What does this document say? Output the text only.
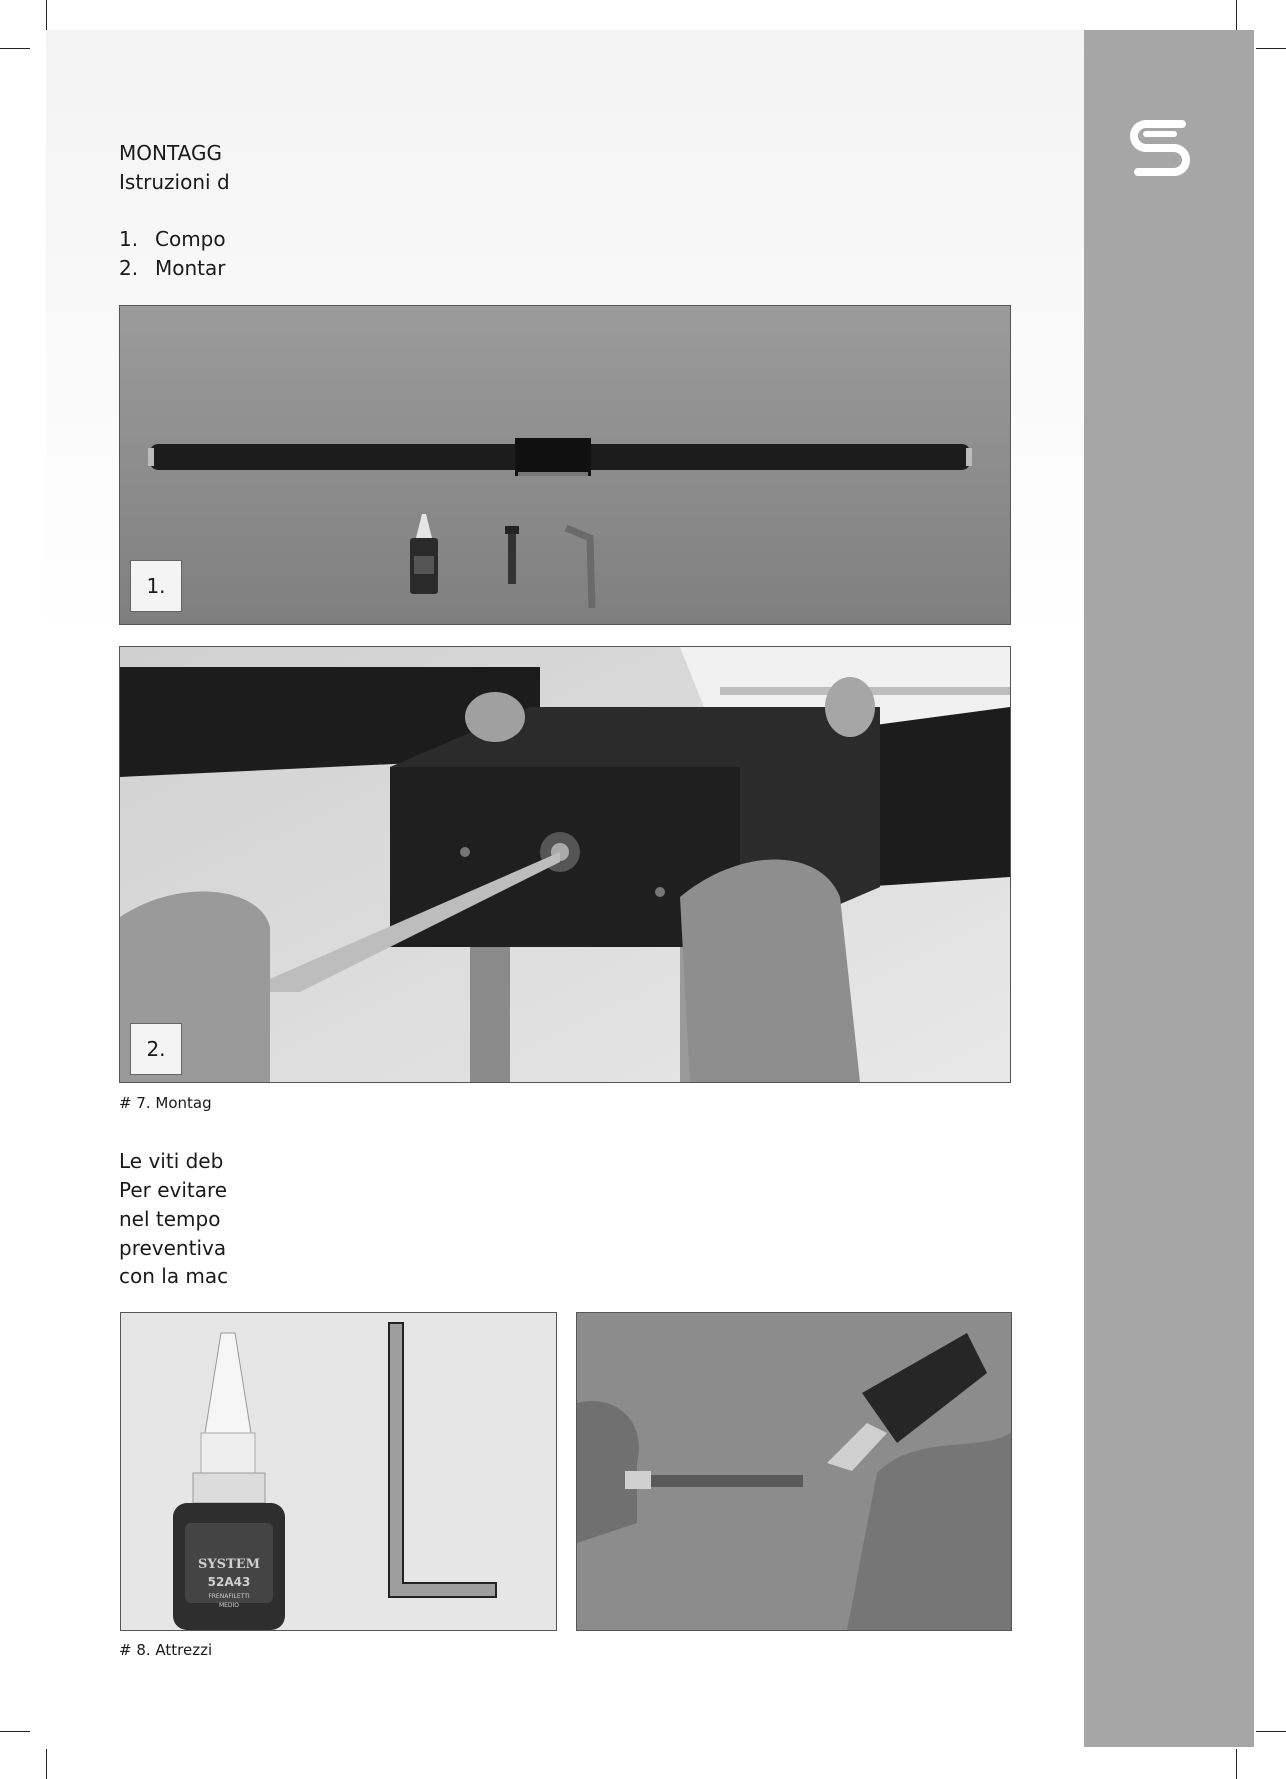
MONTAGG
Istruzioni d
1. Compo
2. Montar
1.
2.
# 7. Montag
Le viti deb
Per evitare
nel tempo
preventiva
con la mac
SYSTEM
52A43
FRENAFILETTI
MEDIO
# 8. Attrezzi
